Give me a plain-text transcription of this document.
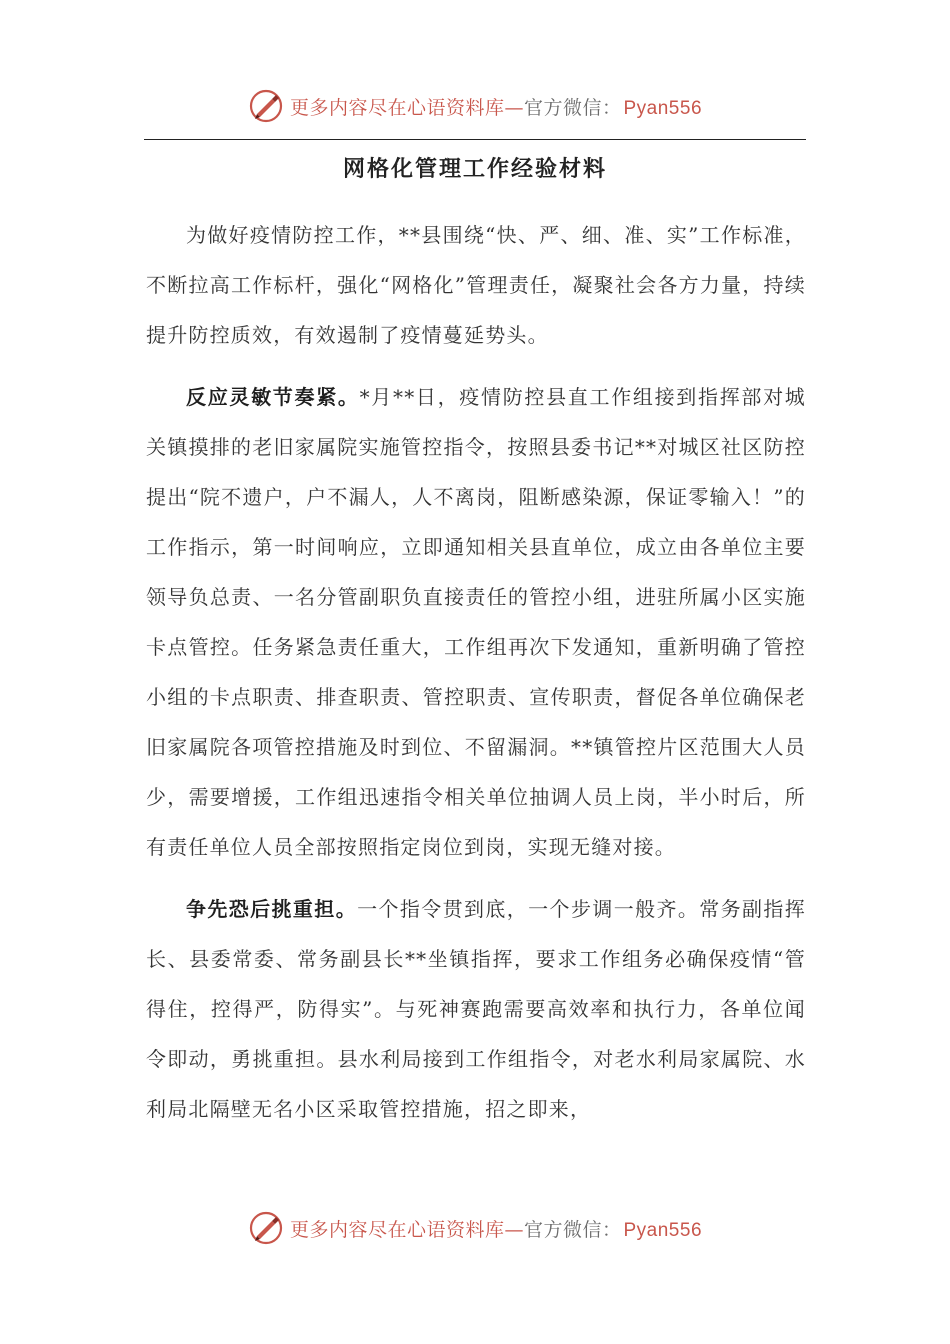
更多内容尽在心语资料库—官方微信： Pyan556
网格化管理工作经验材料

为做好疫情防控工作，**县围绕“快、严、细、准、实”工作标准，不断拉高工作标杆，强化“网格化”管理责任，凝聚社会各方力量，持续提升防控质效，有效遏制了疫情蔓延势头。

反应灵敏节奏紧。*月**日，疫情防控县直工作组接到指挥部对城关镇摸排的老旧家属院实施管控指令，按照县委书记**对城区社区防控提出“院不遗户，户不漏人，人不离岗，阻断感染源，保证零输入！”的工作指示，第一时间响应，立即通知相关县直单位，成立由各单位主要领导负总责、一名分管副职负直接责任的管控小组，进驻所属小区实施卡点管控。任务紧急责任重大，工作组再次下发通知，重新明确了管控小组的卡点职责、排查职责、管控职责、宣传职责，督促各单位确保老旧家属院各项管控措施及时到位、不留漏洞。**镇管控片区范围大人员少，需要增援，工作组迅速指令相关单位抽调人员上岗，半小时后，所有责任单位人员全部按照指定岗位到岗，实现无缝对接。

争先恐后挑重担。一个指令贯到底，一个步调一般齐。常务副指挥长、县委常委、常务副县长**坐镇指挥，要求工作组务必确保疫情“管得住，控得严，防得实”。与死神赛跑需要高效率和执行力，各单位闻令即动，勇挑重担。县水利局接到工作组指令，对老水利局家属院、水利局北隔壁无名小区采取管控措施，招之即来，

更多内容尽在心语资料库—官方微信： Pyan556
